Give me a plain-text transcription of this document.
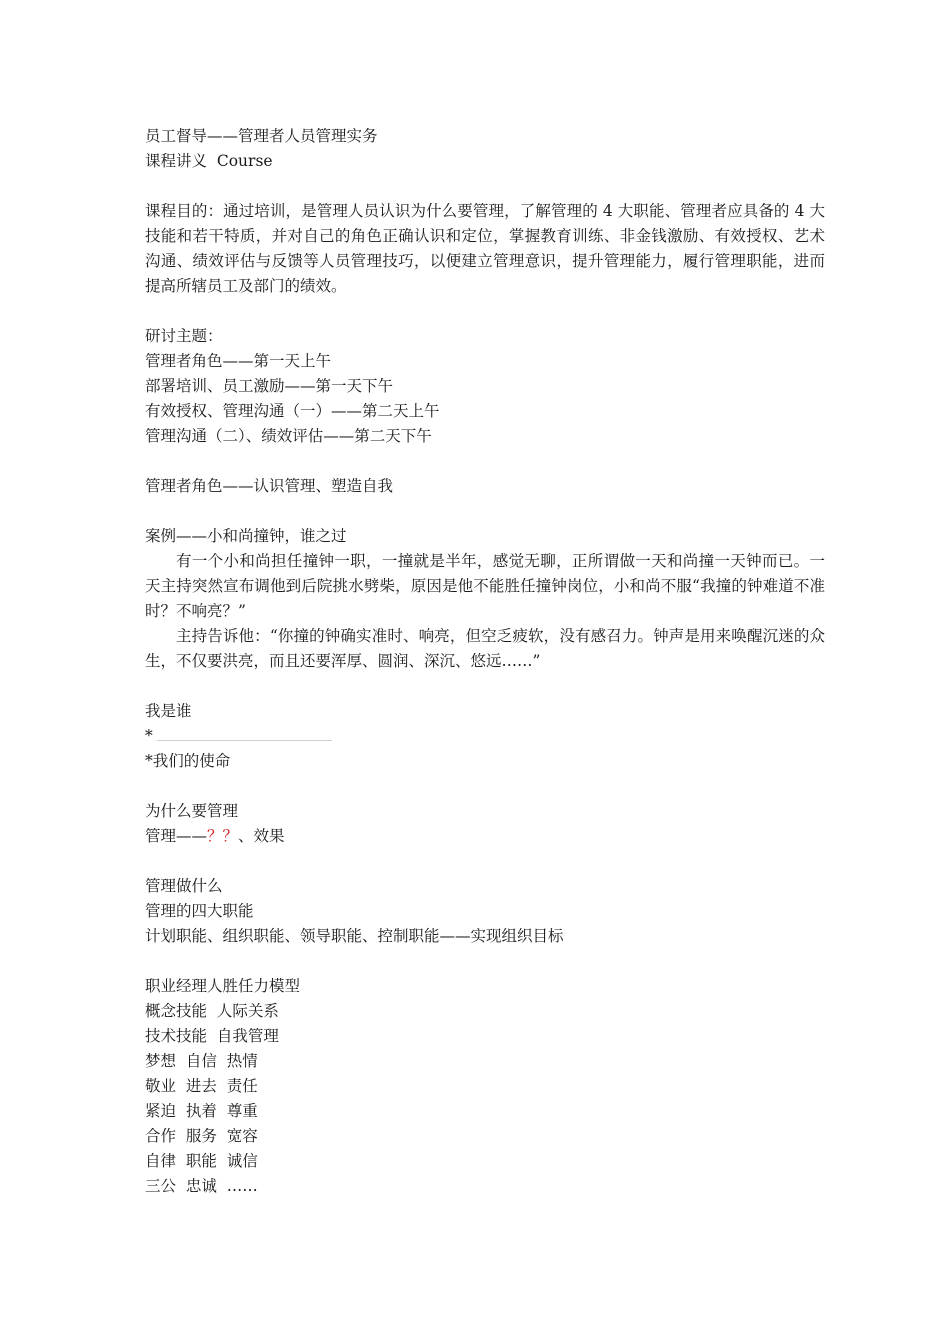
员工督导——管理者人员管理实务
课程讲义  Course
课程目的：通过培训，是管理人员认识为什么要管理，了解管理的 4 大职能、管理者应具备的 4 大技能和若干特质，并对自己的角色正确认识和定位，掌握教育训练、非金钱激励、有效授权、艺术沟通、绩效评估与反馈等人员管理技巧，以便建立管理意识，提升管理能力，履行管理职能，进而提高所辖员工及部门的绩效。
研讨主题：
管理者角色——第一天上午
部署培训、员工激励——第一天下午
有效授权、管理沟通（一）——第二天上午
管理沟通（二）、绩效评估——第二天下午
管理者角色——认识管理、塑造自我
案例——小和尚撞钟，谁之过
有一个小和尚担任撞钟一职，一撞就是半年，感觉无聊，正所谓做一天和尚撞一天钟而已。一天主持突然宣布调他到后院挑水劈柴，原因是他不能胜任撞钟岗位，小和尚不服“我撞的钟难道不准时？不响亮？”
主持告诉他：“你撞的钟确实准时、响亮，但空乏疲软，没有感召力。钟声是用来唤醒沉迷的众生，不仅要洪亮，而且还要浑厚、圆润、深沉、悠远……”
我是谁
*
*我们的使命
为什么要管理
管理——？？、效果
管理做什么
管理的四大职能
计划职能、组织职能、领导职能、控制职能——实现组织目标
职业经理人胜任力模型
概念技能  人际关系
技术技能  自我管理
梦想  自信  热情
敬业  进去  责任
紧迫  执着  尊重
合作  服务  宽容
自律  职能  诚信
三公  忠诚  ……
